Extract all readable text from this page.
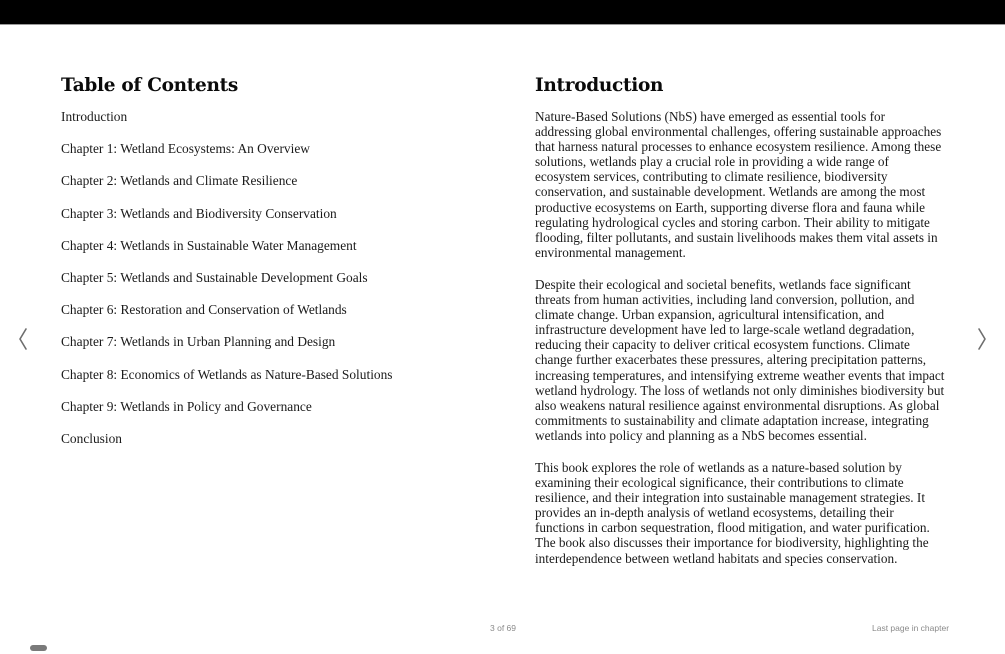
Table of Contents
Introduction
Chapter 1: Wetland Ecosystems: An Overview
Chapter 2: Wetlands and Climate Resilience
Chapter 3: Wetlands and Biodiversity Conservation
Chapter 4: Wetlands in Sustainable Water Management
Chapter 5: Wetlands and Sustainable Development Goals
Chapter 6: Restoration and Conservation of Wetlands
Chapter 7: Wetlands in Urban Planning and Design
Chapter 8: Economics of Wetlands as Nature-Based Solutions
Chapter 9: Wetlands in Policy and Governance
Conclusion
Introduction

Nature-Based Solutions (NbS) have emerged as essential tools for addressing global environmental challenges, offering sustainable approaches that harness natural processes to enhance ecosystem resilience. Among these solutions, wetlands play a crucial role in providing a wide range of ecosystem services, contributing to climate resilience, biodiversity conservation, and sustainable development. Wetlands are among the most productive ecosystems on Earth, supporting diverse flora and fauna while regulating hydrological cycles and storing carbon. Their ability to mitigate flooding, filter pollutants, and sustain livelihoods makes them vital assets in environmental management.

Despite their ecological and societal benefits, wetlands face significant threats from human activities, including land conversion, pollution, and climate change. Urban expansion, agricultural intensification, and infrastructure development have led to large-scale wetland degradation, reducing their capacity to deliver critical ecosystem functions. Climate change further exacerbates these pressures, altering precipitation patterns, increasing temperatures, and intensifying extreme weather events that impact wetland hydrology. The loss of wetlands not only diminishes biodiversity but also weakens natural resilience against environmental disruptions. As global commitments to sustainability and climate adaptation increase, integrating wetlands into policy and planning as a NbS becomes essential.

This book explores the role of wetlands as a nature-based solution by examining their ecological significance, their contributions to climate resilience, and their integration into sustainable management strategies. It provides an in-depth analysis of wetland ecosystems, detailing their functions in carbon sequestration, flood mitigation, and water purification. The book also discusses their importance for biodiversity, highlighting the interdependence between wetland habitats and species conservation.

3 of 69	Last page in chapter
